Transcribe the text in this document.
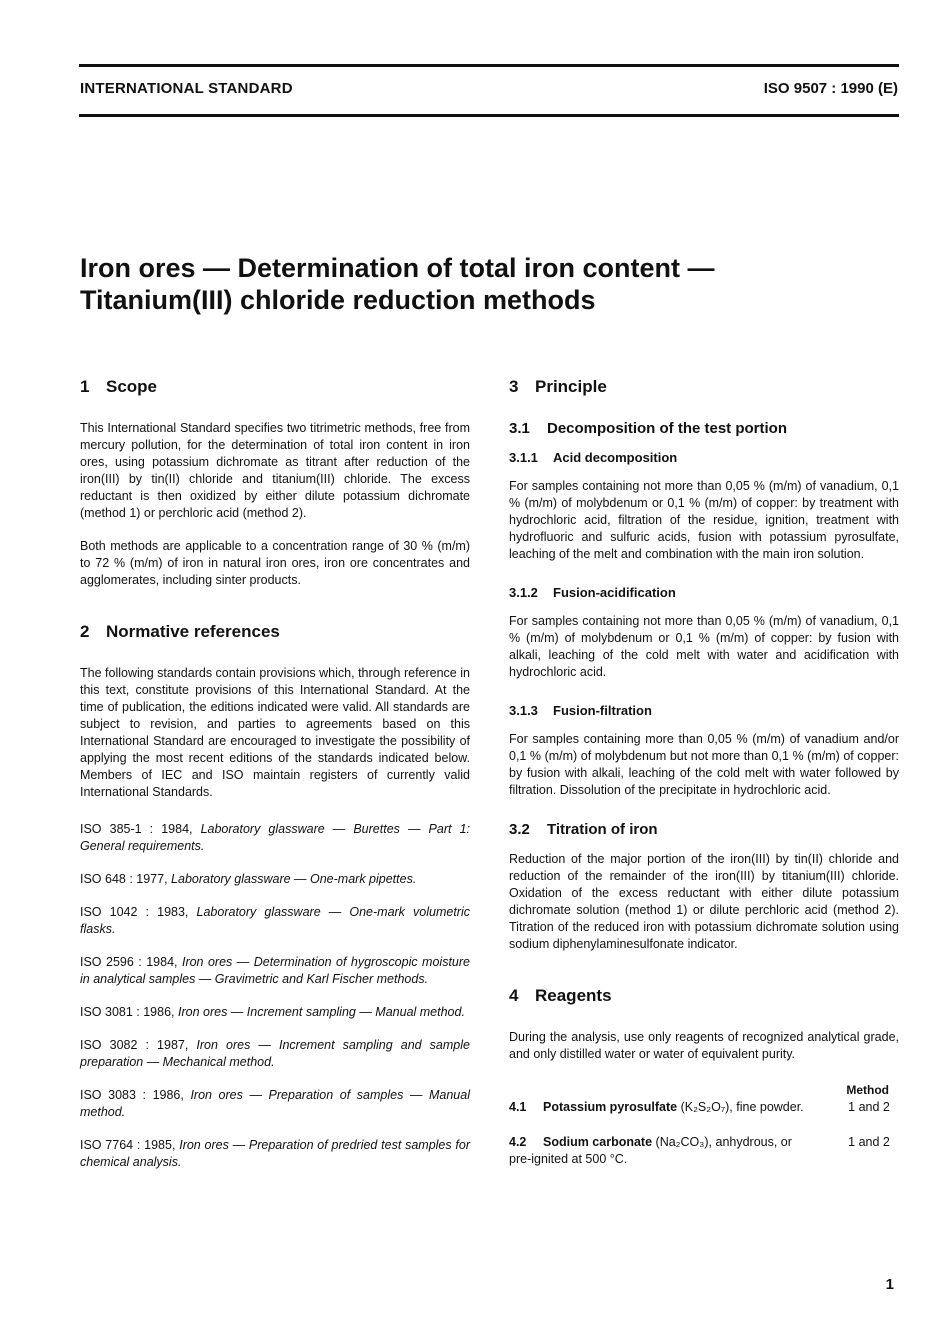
INTERNATIONAL STANDARD	ISO 9507 : 1990 (E)
Iron ores — Determination of total iron content —
Titanium(III) chloride reduction methods
1 Scope

This International Standard specifies two titrimetric methods, free from mercury pollution, for the determination of total iron content in iron ores, using potassium dichromate as titrant after reduction of the iron(III) by tin(II) chloride and titanium(III) chloride. The excess reductant is then oxidized by either dilute potassium dichromate (method 1) or perchloric acid (method 2).

Both methods are applicable to a concentration range of 30 % (m/m) to 72 % (m/m) of iron in natural iron ores, iron ore concentrates and agglomerates, including sinter products.

2 Normative references

The following standards contain provisions which, through reference in this text, constitute provisions of this International Standard. At the time of publication, the editions indicated were valid. All standards are subject to revision, and parties to agreements based on this International Standard are encouraged to investigate the possibility of applying the most recent editions of the standards indicated below. Members of IEC and ISO maintain registers of currently valid International Standards.

ISO 385-1 : 1984, Laboratory glassware — Burettes — Part 1: General requirements.

ISO 648 : 1977, Laboratory glassware — One-mark pipettes.

ISO 1042 : 1983, Laboratory glassware — One-mark volumetric flasks.

ISO 2596 : 1984, Iron ores — Determination of hygroscopic moisture in analytical samples — Gravimetric and Karl Fischer methods.

ISO 3081 : 1986, Iron ores — Increment sampling — Manual method.

ISO 3082 : 1987, Iron ores — Increment sampling and sample preparation — Mechanical method.

ISO 3083 : 1986, Iron ores — Preparation of samples — Manual method.

ISO 7764 : 1985, Iron ores — Preparation of predried test samples for chemical analysis.

3 Principle
3.1 Decomposition of the test portion
3.1.1 Acid decomposition

For samples containing not more than 0,05 % (m/m) of vanadium, 0,1 % (m/m) of molybdenum or 0,1 % (m/m) of copper: by treatment with hydrochloric acid, filtration of the residue, ignition, treatment with hydrofluoric and sulfuric acids, fusion with potassium pyrosulfate, leaching of the melt and combination with the main iron solution.

3.1.2 Fusion-acidification

For samples containing not more than 0,05 % (m/m) of vanadium, 0,1 % (m/m) of molybdenum or 0,1 % (m/m) of copper: by fusion with alkali, leaching of the cold melt with water and acidification with hydrochloric acid.

3.1.3 Fusion-filtration

For samples containing more than 0,05 % (m/m) of vanadium and/or 0,1 % (m/m) of molybdenum but not more than 0,1 % (m/m) of copper: by fusion with alkali, leaching of the cold melt with water followed by filtration. Dissolution of the precipitate in hydrochloric acid.

3.2 Titration of iron

Reduction of the major portion of the iron(III) by tin(II) chloride and reduction of the remainder of the iron(III) by titanium(III) chloride. Oxidation of the excess reductant with either dilute potassium dichromate solution (method 1) or dilute perchloric acid (method 2). Titration of the reduced iron with potassium dichromate solution using sodium diphenylaminesulfonate indicator.

4 Reagents

During the analysis, use only reagents of recognized analytical grade, and only distilled water or water of equivalent purity.

Method
4.1 Potassium pyrosulfate (K₂S₂O₇), fine powder.	1 and 2
4.2 Sodium carbonate (Na₂CO₃), anhydrous, or pre-ignited at 500 °C.
1 and 2
1
